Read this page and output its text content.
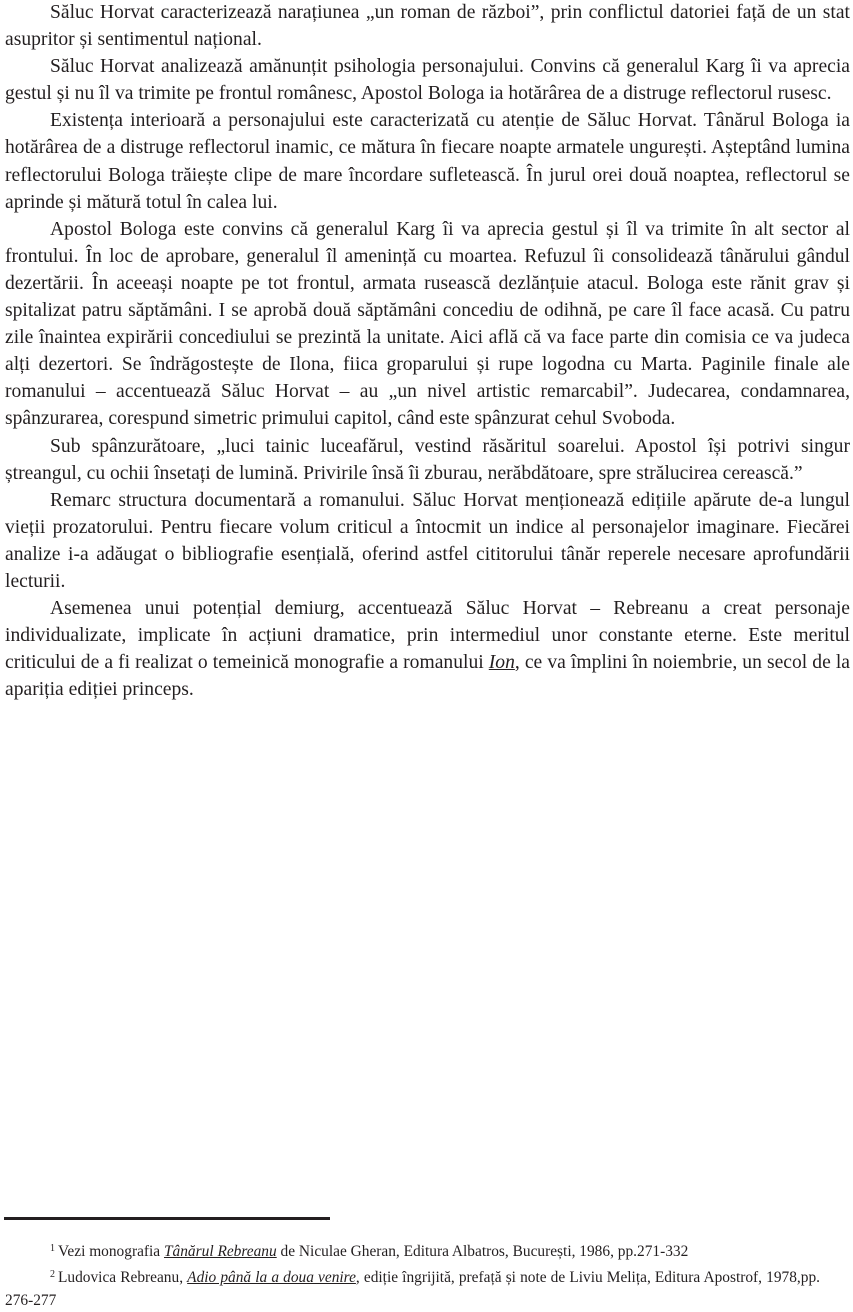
Săluc Horvat caracterizează narațiunea „un roman de război”, prin conflictul datoriei față de un stat asupritor și sentimentul național.

Săluc Horvat analizează amănunțit psihologia personajului. Convins că generalul Karg îi va aprecia gestul și nu îl va trimite pe frontul românesc, Apostol Bologa ia hotărârea de a distruge reflectorul rusesc.

Existența interioară a personajului este caracterizată cu atenție de Săluc Horvat. Tânărul Bologa ia hotărârea de a distruge reflectorul inamic, ce mătura în fiecare noapte armatele ungurești. Așteptând lumina reflectorului Bologa trăiește clipe de mare încordare sufletească. În jurul orei două noaptea, reflectorul se aprinde și mătură totul în calea lui.

Apostol Bologa este convins că generalul Karg îi va aprecia gestul și îl va trimite în alt sector al frontului. În loc de aprobare, generalul îl amenință cu moartea. Refuzul îi consolidează tânărului gândul dezertării. În aceeași noapte pe tot frontul, armata rusească dezlănțuie atacul. Bologa este rănit grav și spitalizat patru săptămâni. I se aprobă două săptămâni concediu de odihnă, pe care îl face acasă. Cu patru zile înaintea expirării concediului se prezintă la unitate. Aici află că va face parte din comisia ce va judeca alți dezertori. Se îndrăgostește de Ilona, fiica groparului și rupe logodna cu Marta. Paginile finale ale romanului – accentuează Săluc Horvat – au „un nivel artistic remarcabil”. Judecarea, condamnarea, spânzurarea, corespund simetric primului capitol, când este spânzurat cehul Svoboda.

Sub spânzurătoare, „luci tainic luceafărul, vestind răsăritul soarelui. Apostol își potrivi singur ștreangul, cu ochii însetați de lumină. Privirile însă îi zburau, nerăbdătoare, spre strălucirea cerească.”

Remarc structura documentară a romanului. Săluc Horvat menționează edițiile apărute de-a lungul vieții prozatorului. Pentru fiecare volum criticul a întocmit un indice al personajelor imaginare. Fiecărei analize i-a adăugat o bibliografie esențială, oferind astfel cititorului tânăr reperele necesare aprofundării lecturii.

Asemenea unui potențial demiurg, accentuează Săluc Horvat – Rebreanu a creat personaje individualizate, implicate în acțiuni dramatice, prin intermediul unor constante eterne. Este meritul criticului de a fi realizat o temeinică monografie a romanului Ion, ce va împlini în noiembrie, un secol de la apariția ediției princeps.

$^1$ Vezi monografia Tânărul Rebreanu de Niculae Gheran, Editura Albatros, București, 1986, pp.271-332

$^2$ Ludovica Rebreanu, Adio până la a doua venire, ediție îngrijită, prefață și note de Liviu Melița, Editura Apostrof, 1978,pp. 276-277
